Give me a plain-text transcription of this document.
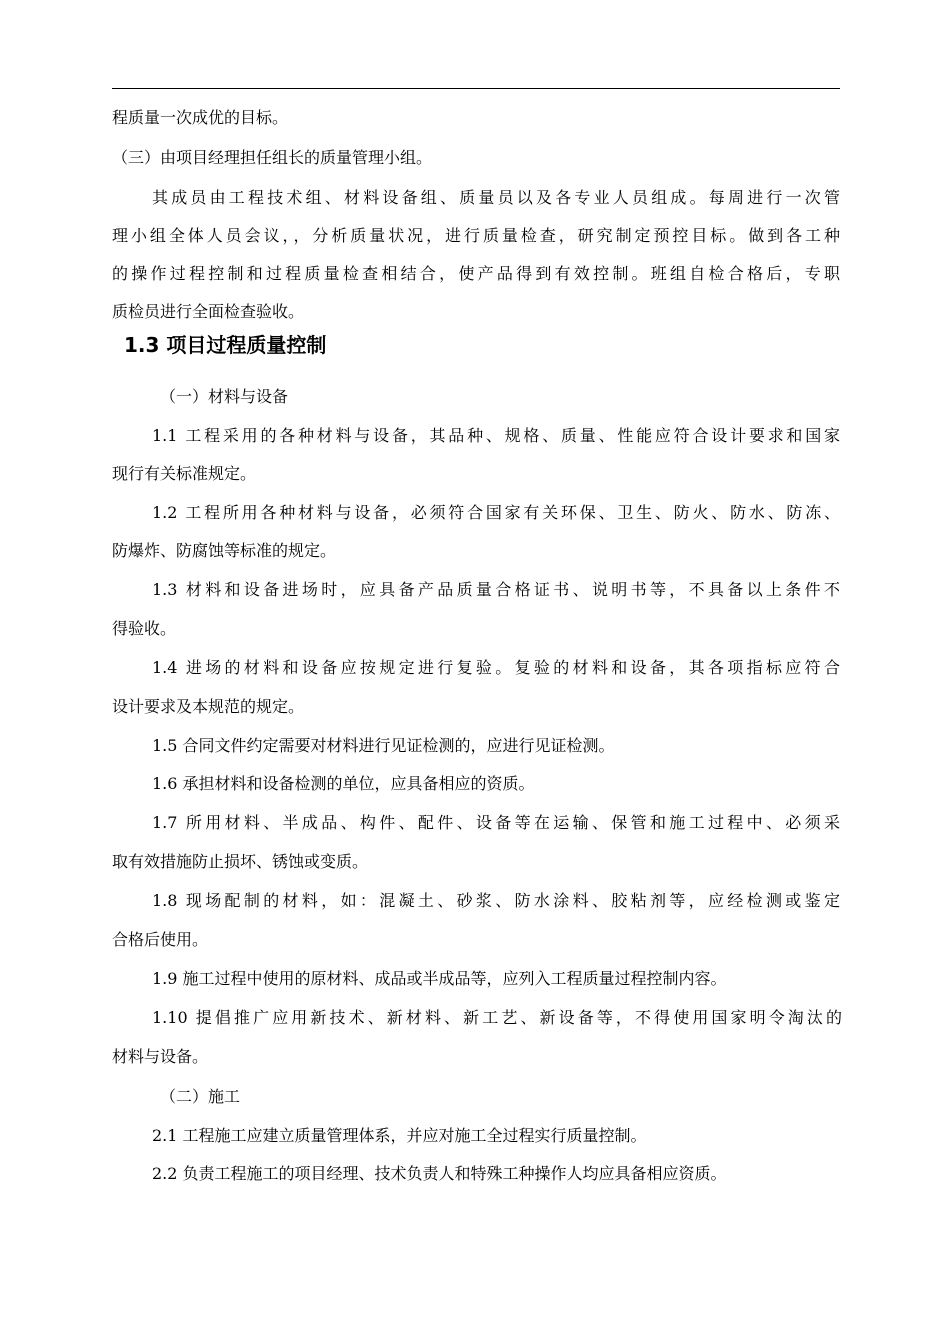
程质量一次成优的目标。
（三）由项目经理担任组长的质量管理小组。
其成员由工程技术组、材料设备组、质量员以及各专业人员组成。每周进行一次管
理小组全体人员会议，，分析质量状况，进行质量检查，研究制定预控目标。做到各工种
的操作过程控制和过程质量检查相结合，使产品得到有效控制。班组自检合格后，专职
质检员进行全面检查验收。
1.3 项目过程质量控制
（一）材料与设备
1.1 工程采用的各种材料与设备，其品种、规格、质量、性能应符合设计要求和国家
现行有关标准规定。
1.2 工程所用各种材料与设备，必须符合国家有关环保、卫生、防火、防水、防冻、
防爆炸、防腐蚀等标准的规定。
1.3 材料和设备进场时，应具备产品质量合格证书、说明书等，不具备以上条件不
得验收。
1.4 进场的材料和设备应按规定进行复验。复验的材料和设备，其各项指标应符合
设计要求及本规范的规定。
1.5 合同文件约定需要对材料进行见证检测的，应进行见证检测。
1.6 承担材料和设备检测的单位，应具备相应的资质。
1.7 所用材料、半成品、构件、配件、设备等在运输、保管和施工过程中、必须采
取有效措施防止损坏、锈蚀或变质。
1.8 现场配制的材料，如：混凝土、砂浆、防水涂料、胶粘剂等，应经检测或鉴定
合格后使用。
1.9 施工过程中使用的原材料、成品或半成品等，应列入工程质量过程控制内容。
1.10 提倡推广应用新技术、新材料、新工艺、新设备等，不得使用国家明令淘汰的
材料与设备。
（二）施工
2.1 工程施工应建立质量管理体系，并应对施工全过程实行质量控制。
2.2 负责工程施工的项目经理、技术负责人和特殊工种操作人均应具备相应资质。
